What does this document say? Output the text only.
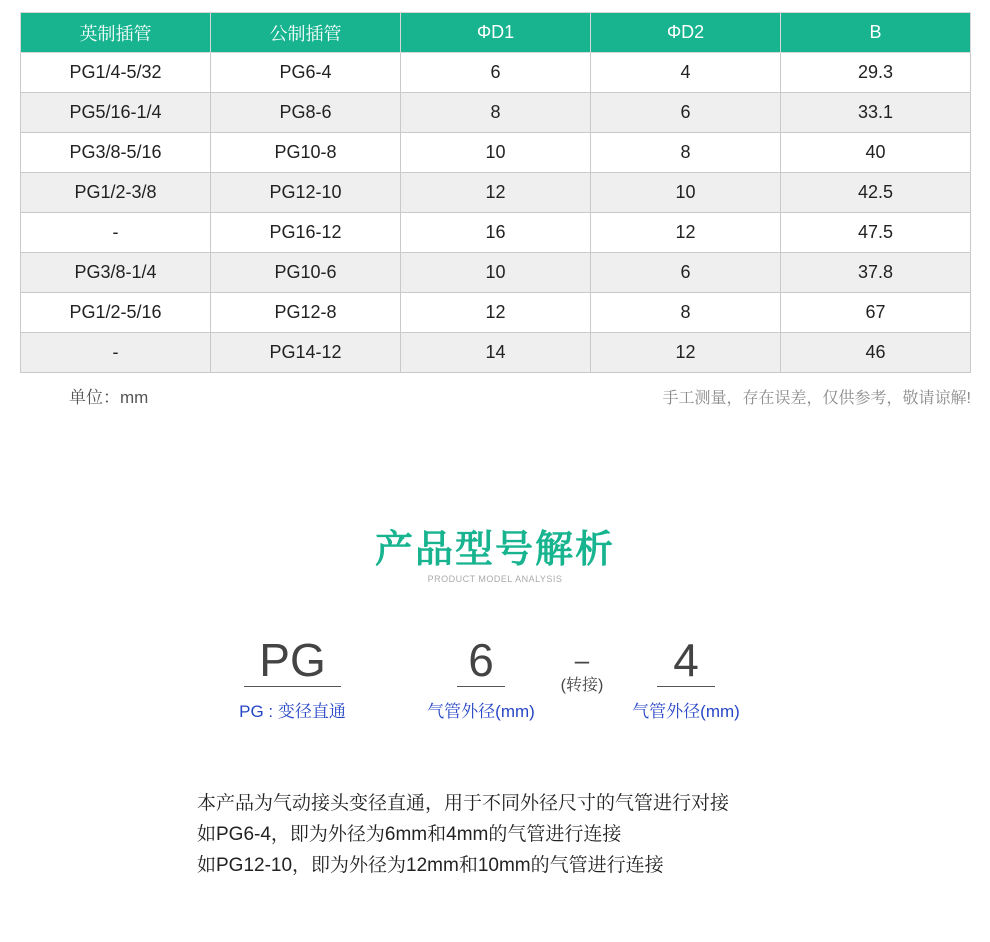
英制插管	公制插管	ΦD1	ΦD2	B
PG1/4-5/32	PG6-4	6	4	29.3
PG5/16-1/4	PG8-6	8	6	33.1
PG3/8-5/16	PG10-8	10	8	40
PG1/2-3/8	PG12-10	12	10	42.5
-	PG16-12	16	12	47.5
PG3/8-1/4	PG10-6	10	6	37.8
PG1/2-5/16	PG12-8	12	8	67
-	PG14-12	14	12	46
单位：mm	手工测量，存在误差，仅供参考，敬请谅解!
产品型号解析
PRODUCT MODEL ANALYSIS
PG
PG : 变径直通
6
气管外径(mm)
–
(转接)	4
气管外径(mm)
本产品为气动接头变径直通，用于不同外径尺寸的气管进行对接
如PG6-4，即为外径为6mm和4mm的气管进行连接
如PG12-10，即为外径为12mm和10mm的气管进行连接
